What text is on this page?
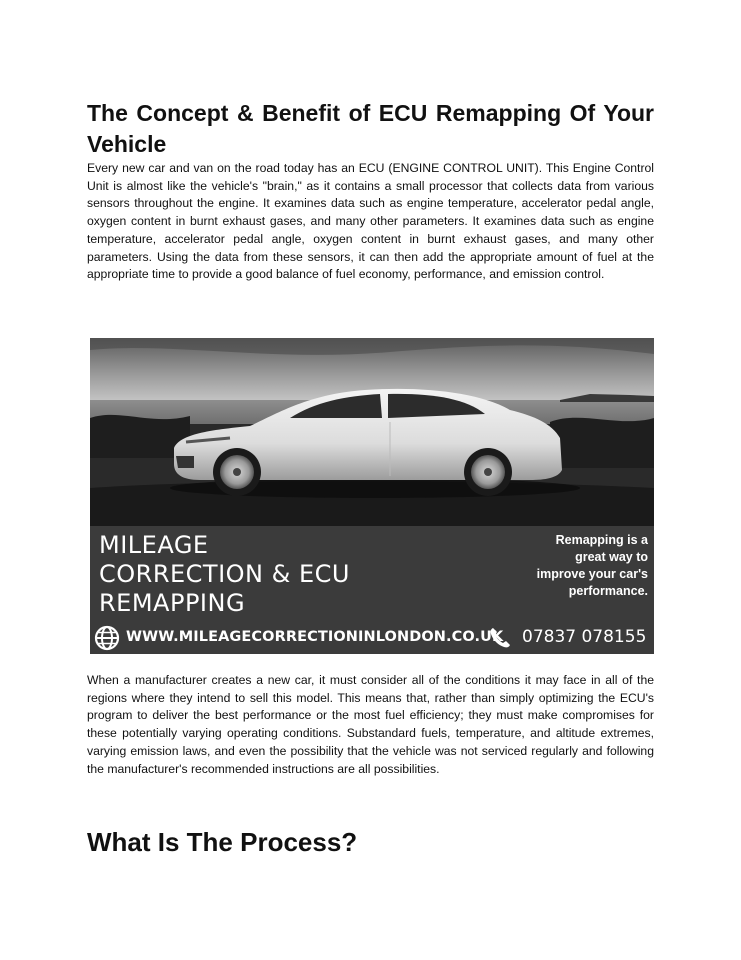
The Concept & Benefit of ECU Remapping Of Your Vehicle

Every new car and van on the road today has an ECU (ENGINE CONTROL UNIT). This Engine Control Unit is almost like the vehicle's "brain," as it contains a small processor that collects data from various sensors throughout the engine. It examines data such as engine temperature, accelerator pedal angle, oxygen content in burnt exhaust gases, and many other parameters. It examines data such as engine temperature, accelerator pedal angle, oxygen content in burnt exhaust gases, and many other parameters. Using the data from these sensors, it can then add the appropriate amount of fuel at the appropriate time to provide a good balance of fuel economy, performance, and emission control.

MILEAGE
CORRECTION & ECU
REMAPPING
Remapping is a
great way to
improve your car's
performance.
WWW.MILEAGECORRECTIONINLONDON.CO.UK 07837 078155

When a manufacturer creates a new car, it must consider all of the conditions it may face in all of the regions where they intend to sell this model. This means that, rather than simply optimizing the ECU's program to deliver the best performance or the most fuel efficiency; they must make compromises for these potentially varying operating conditions. Substandard fuels, temperature, and altitude extremes, varying emission laws, and even the possibility that the vehicle was not serviced regularly and following the manufacturer's recommended instructions are all possibilities.

What Is The Process?
